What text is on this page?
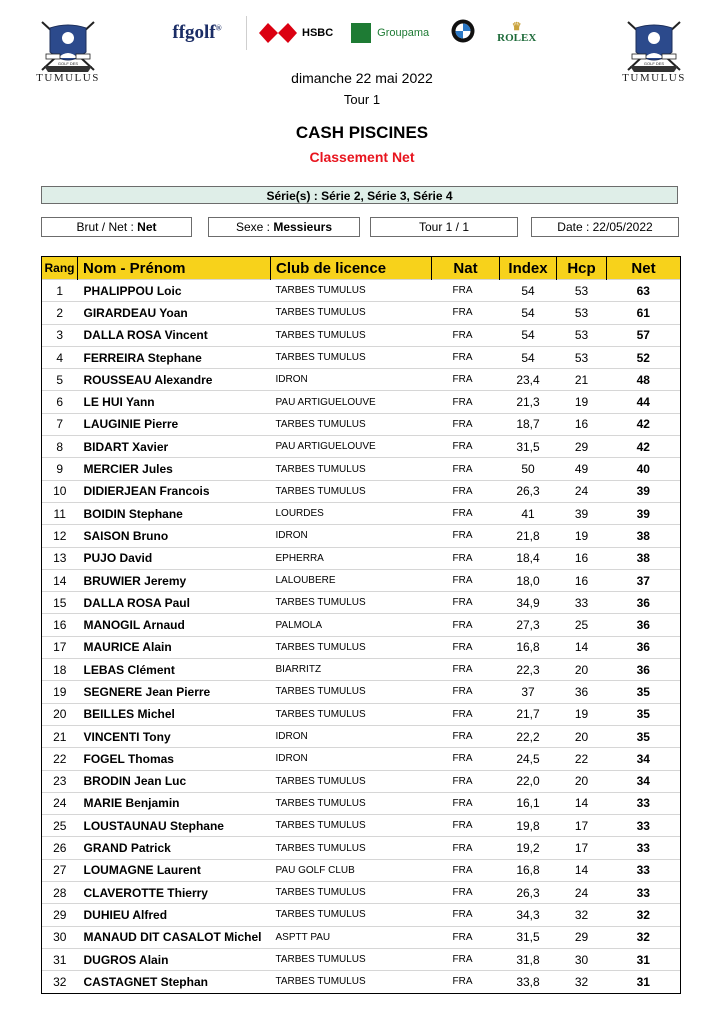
GOLF DES
TUMULUS
ffgolf®	HSBC	Groupama	♛
ROLEX
GOLF DES
TUMULUS
dimanche 22 mai 2022
Tour 1
CASH PISCINES
Classement Net
Série(s) : Série 2, Série 3, Série 4
Brut / Net : Net	Sexe : Messieurs	Tour 1 / 1	Date : 22/05/2022
Rang	Nom - Prénom	Club de licence	Nat	Index	Hcp	Net
1	PHALIPPOU Loic	TARBES TUMULUS	FRA	54	53	63
2	GIRARDEAU Yoan	TARBES TUMULUS	FRA	54	53	61
3	DALLA ROSA Vincent	TARBES TUMULUS	FRA	54	53	57
4	FERREIRA Stephane	TARBES TUMULUS	FRA	54	53	52
5	ROUSSEAU Alexandre	IDRON	FRA	23,4	21	48
6	LE HUI Yann	PAU ARTIGUELOUVE	FRA	21,3	19	44
7	LAUGINIE Pierre	TARBES TUMULUS	FRA	18,7	16	42
8	BIDART Xavier	PAU ARTIGUELOUVE	FRA	31,5	29	42
9	MERCIER Jules	TARBES TUMULUS	FRA	50	49	40
10	DIDIERJEAN Francois	TARBES TUMULUS	FRA	26,3	24	39
11	BOIDIN Stephane	LOURDES	FRA	41	39	39
12	SAISON Bruno	IDRON	FRA	21,8	19	38
13	PUJO David	EPHERRA	FRA	18,4	16	38
14	BRUWIER Jeremy	LALOUBERE	FRA	18,0	16	37
15	DALLA ROSA Paul	TARBES TUMULUS	FRA	34,9	33	36
16	MANOGIL Arnaud	PALMOLA	FRA	27,3	25	36
17	MAURICE Alain	TARBES TUMULUS	FRA	16,8	14	36
18	LEBAS Clément	BIARRITZ	FRA	22,3	20	36
19	SEGNERE Jean Pierre	TARBES TUMULUS	FRA	37	36	35
20	BEILLES Michel	TARBES TUMULUS	FRA	21,7	19	35
21	VINCENTI Tony	IDRON	FRA	22,2	20	35
22	FOGEL Thomas	IDRON	FRA	24,5	22	34
23	BRODIN Jean Luc	TARBES TUMULUS	FRA	22,0	20	34
24	MARIE Benjamin	TARBES TUMULUS	FRA	16,1	14	33
25	LOUSTAUNAU Stephane	TARBES TUMULUS	FRA	19,8	17	33
26	GRAND Patrick	TARBES TUMULUS	FRA	19,2	17	33
27	LOUMAGNE Laurent	PAU GOLF CLUB	FRA	16,8	14	33
28	CLAVEROTTE Thierry	TARBES TUMULUS	FRA	26,3	24	33
29	DUHIEU Alfred	TARBES TUMULUS	FRA	34,3	32	32
30	MANAUD DIT CASALOT Michel	ASPTT PAU	FRA	31,5	29	32
31	DUGROS Alain	TARBES TUMULUS	FRA	31,8	30	31
32	CASTAGNET Stephan	TARBES TUMULUS	FRA	33,8	32	31
